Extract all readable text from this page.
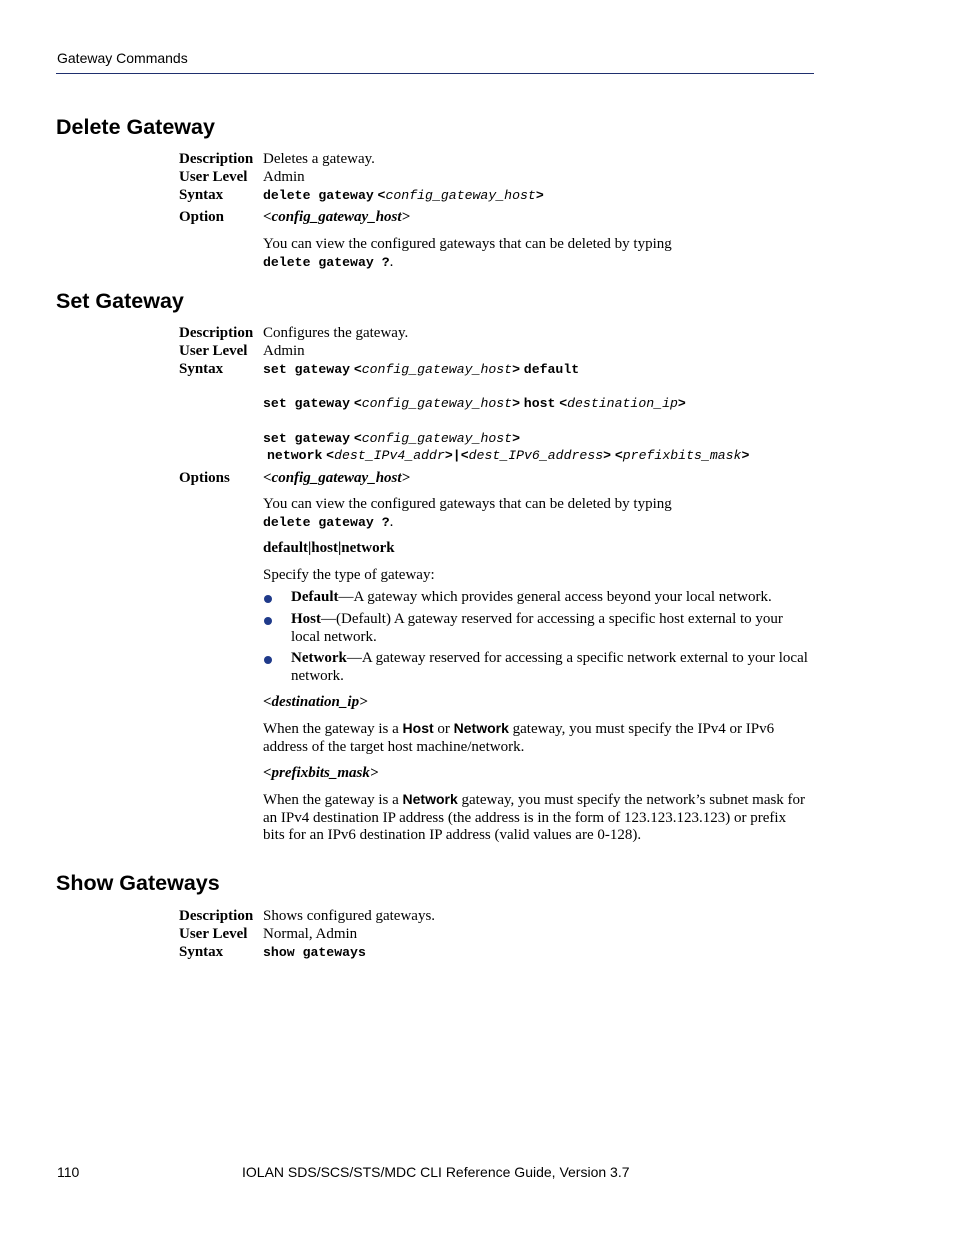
Gateway Commands
Delete Gateway
Description Deletes a gateway.
User Level Admin
Syntax	delete gateway <config_gateway_host>
Option	<config_gateway_host>
You can view the configured gateways that can be deleted by typing
delete gateway ?.
Set Gateway
Description Configures the gateway.
User Level Admin
Syntax	set gateway <config_gateway_host> default
set gateway <config_gateway_host> host <destination_ip>
set gateway <config_gateway_host>
network <dest_IPv4_addr>|<dest_IPv6_address> <prefixbits_mask>
Options <config_gateway_host>
You can view the configured gateways that can be deleted by typing
delete gateway ?.
default|host|network
Specify the type of gateway:
Default—A gateway which provides general access beyond your local network.
Host—(Default) A gateway reserved for accessing a specific host external to your local network.
Network—A gateway reserved for accessing a specific network external to your local network.
<destination_ip>
When the gateway is a Host or Network gateway, you must specify the IPv4 or IPv6 address of the target host machine/network.
<prefixbits_mask>
When the gateway is a Network gateway, you must specify the network’s subnet mask for an IPv4 destination IP address (the address is in the form of 123.123.123.123) or prefix bits for an IPv6 destination IP address (valid values are 0-128).
Show Gateways
Description Shows configured gateways.
User Level Normal, Admin
Syntax	show gateways
110	IOLAN SDS/SCS/STS/MDC CLI Reference Guide, Version 3.7
